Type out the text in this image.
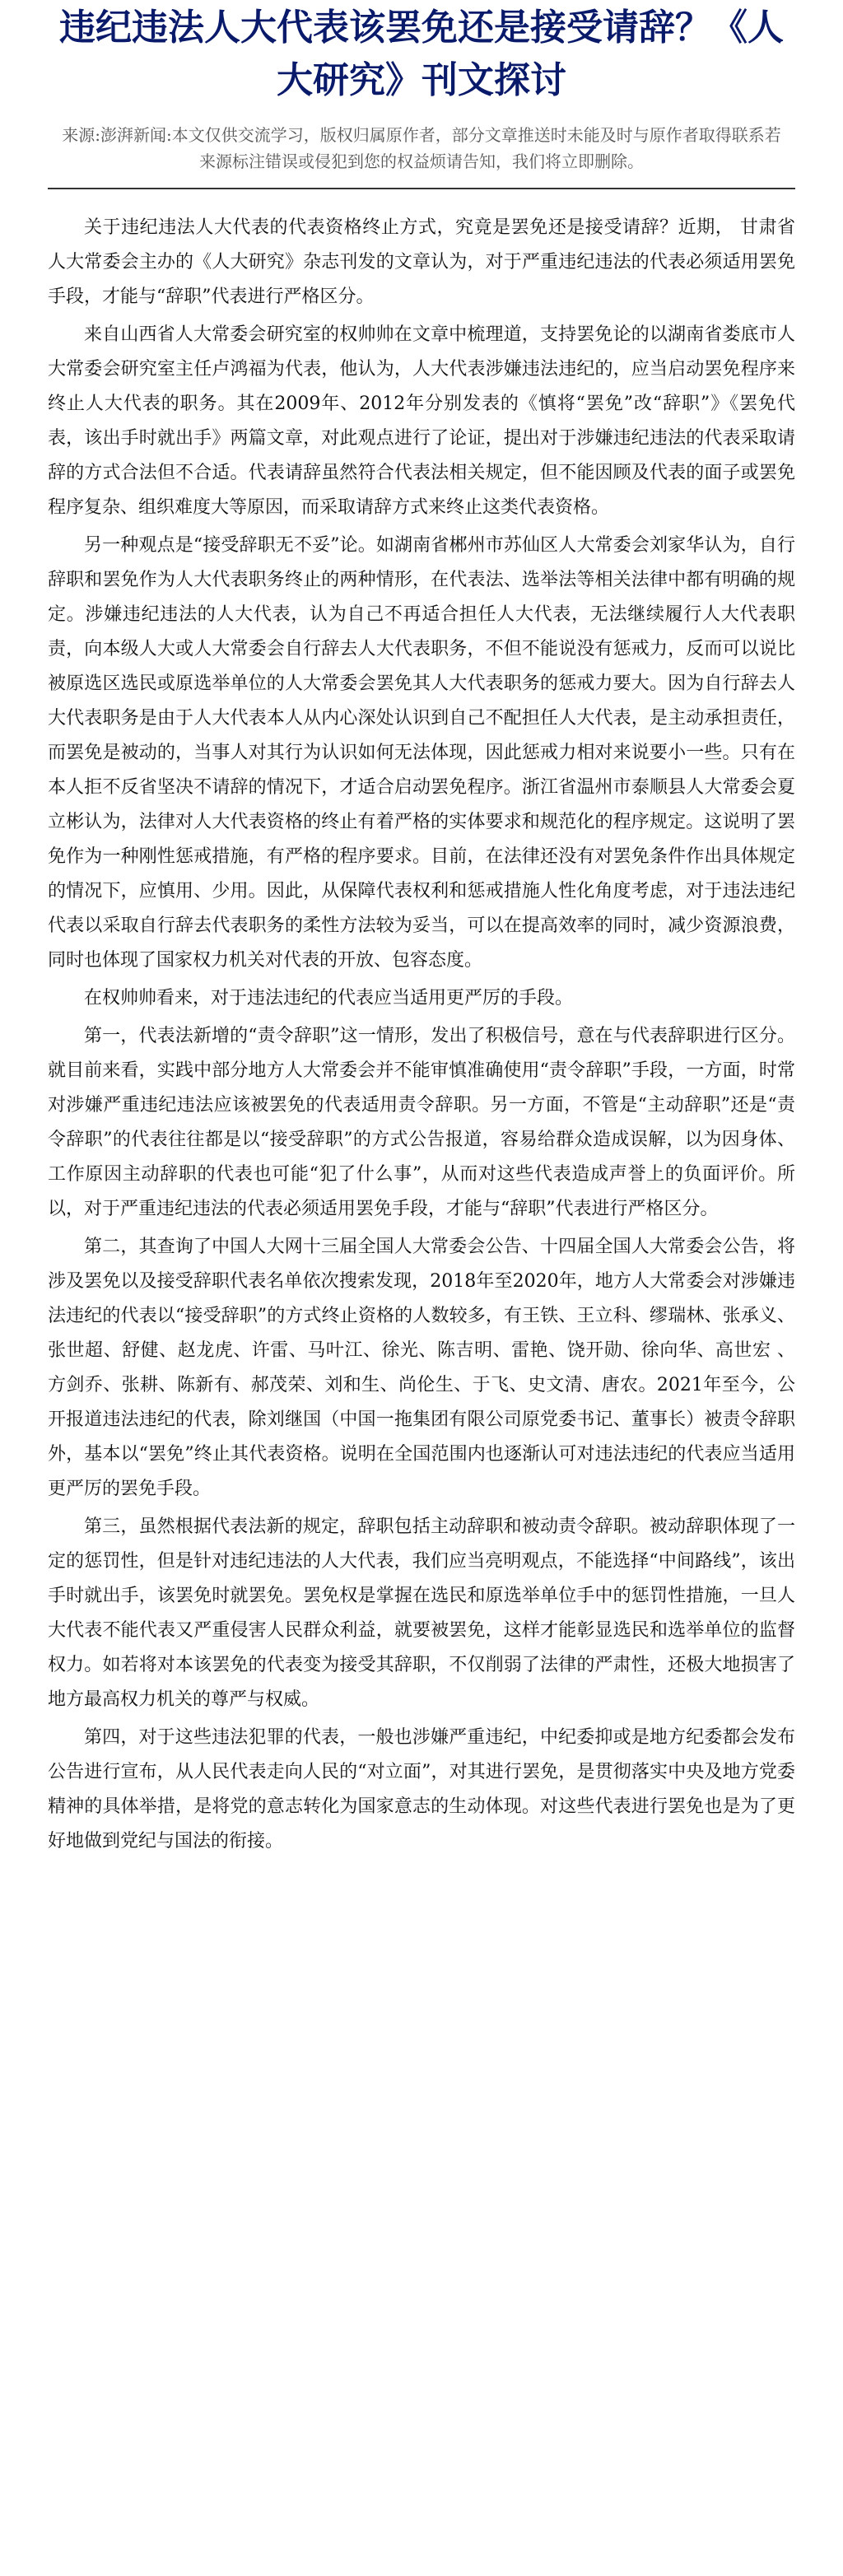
违纪违法人大代表该罢免还是接受请辞？《人大研究》刊文探讨
来源:澎湃新闻:本文仅供交流学习，版权归属原作者，部分文章推送时未能及时与原作者取得联系若来源标注错误或侵犯到您的权益烦请告知，我们将立即删除。

关于违纪违法人大代表的代表资格终止方式，究竟是罢免还是接受请辞？近期， 甘肃省人大常委会主办的《人大研究》杂志刊发的文章认为，对于严重违纪违法的代表必须适用罢免手段，才能与“辞职”代表进行严格区分。

来自山西省人大常委会研究室的权帅帅在文章中梳理道，支持罢免论的以湖南省娄底市人大常委会研究室主任卢鸿福为代表，他认为，人大代表涉嫌违法违纪的，应当启动罢免程序来终止人大代表的职务。其在2009年、2012年分别发表的《慎将“罢免”改“辞职”》《罢免代表，该出手时就出手》两篇文章，对此观点进行了论证，提出对于涉嫌违纪违法的代表采取请辞的方式合法但不合适。代表请辞虽然符合代表法相关规定，但不能因顾及代表的面子或罢免程序复杂、组织难度大等原因，而采取请辞方式来终止这类代表资格。

另一种观点是“接受辞职无不妥”论。如湖南省郴州市苏仙区人大常委会刘家华认为，自行辞职和罢免作为人大代表职务终止的两种情形，在代表法、选举法等相关法律中都有明确的规定。涉嫌违纪违法的人大代表，认为自己不再适合担任人大代表，无法继续履行人大代表职责，向本级人大或人大常委会自行辞去人大代表职务，不但不能说没有惩戒力，反而可以说比被原选区选民或原选举单位的人大常委会罢免其人大代表职务的惩戒力要大。因为自行辞去人大代表职务是由于人大代表本人从内心深处认识到自己不配担任人大代表，是主动承担责任，而罢免是被动的，当事人对其行为认识如何无法体现，因此惩戒力相对来说要小一些。只有在本人拒不反省坚决不请辞的情况下，才适合启动罢免程序。浙江省温州市泰顺县人大常委会夏立彬认为，法律对人大代表资格的终止有着严格的实体要求和规范化的程序规定。这说明了罢免作为一种刚性惩戒措施，有严格的程序要求。目前，在法律还没有对罢免条件作出具体规定的情况下，应慎用、少用。因此，从保障代表权利和惩戒措施人性化角度考虑，对于违法违纪代表以采取自行辞去代表职务的柔性方法较为妥当，可以在提高效率的同时，减少资源浪费，同时也体现了国家权力机关对代表的开放、包容态度。

在权帅帅看来，对于违法违纪的代表应当适用更严厉的手段。

第一，代表法新增的“责令辞职”这一情形，发出了积极信号，意在与代表辞职进行区分。就目前来看，实践中部分地方人大常委会并不能审慎准确使用“责令辞职”手段，一方面，时常对涉嫌严重违纪违法应该被罢免的代表适用责令辞职。另一方面，不管是“主动辞职”还是“责令辞职”的代表往往都是以“接受辞职”的方式公告报道，容易给群众造成误解，以为因身体、工作原因主动辞职的代表也可能“犯了什么事”，从而对这些代表造成声誉上的负面评价。所以，对于严重违纪违法的代表必须适用罢免手段，才能与“辞职”代表进行严格区分。

第二，其查询了中国人大网十三届全国人大常委会公告、十四届全国人大常委会公告，将涉及罢免以及接受辞职代表名单依次搜索发现，2018年至2020年，地方人大常委会对涉嫌违法违纪的代表以“接受辞职”的方式终止资格的人数较多，有王铁、王立科、缪瑞林、张承义、张世超、舒健、赵龙虎、许雷、马叶江、徐光、陈吉明、雷艳、饶开勋、徐向华、高世宏 、方剑乔、张耕、陈新有、郝茂荣、刘和生、尚伦生、于飞、史文清、唐农。2021年至今，公开报道违法违纪的代表，除刘继国（中国一拖集团有限公司原党委书记、董事长）被责令辞职外，基本以“罢免”终止其代表资格。说明在全国范围内也逐渐认可对违法违纪的代表应当适用更严厉的罢免手段。

第三，虽然根据代表法新的规定，辞职包括主动辞职和被动责令辞职。被动辞职体现了一定的惩罚性，但是针对违纪违法的人大代表，我们应当亮明观点，不能选择“中间路线”，该出手时就出手，该罢免时就罢免。罢免权是掌握在选民和原选举单位手中的惩罚性措施，一旦人大代表不能代表又严重侵害人民群众利益，就要被罢免，这样才能彰显选民和选举单位的监督权力。如若将对本该罢免的代表变为接受其辞职，不仅削弱了法律的严肃性，还极大地损害了地方最高权力机关的尊严与权威。

第四，对于这些违法犯罪的代表，一般也涉嫌严重违纪，中纪委抑或是地方纪委都会发布公告进行宣布，从人民代表走向人民的“对立面”，对其进行罢免，是贯彻落实中央及地方党委精神的具体举措，是将党的意志转化为国家意志的生动体现。对这些代表进行罢免也是为了更好地做到党纪与国法的衔接。
